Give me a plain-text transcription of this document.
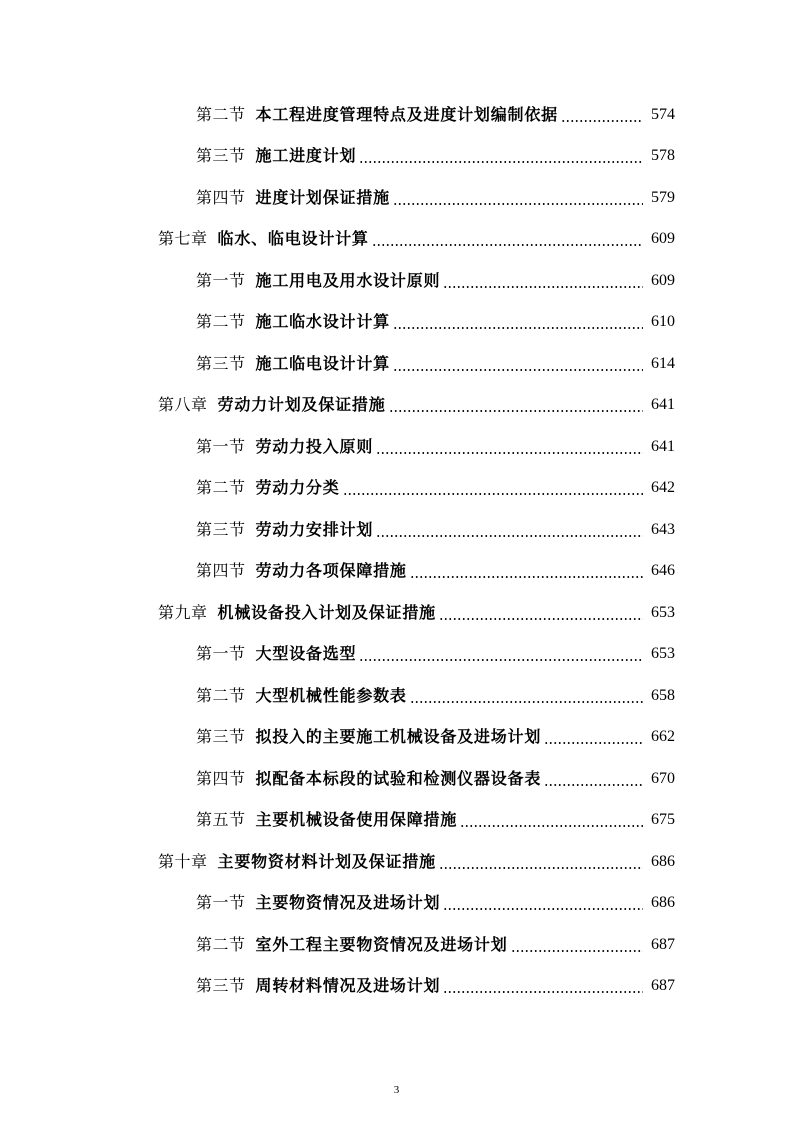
第二节 本工程进度管理特点及进度计划编制依据	574
第三节 施工进度计划	578
第四节 进度计划保证措施	579
第七章 临水、临电设计计算	609
第一节 施工用电及用水设计原则	609
第二节 施工临水设计计算	610
第三节 施工临电设计计算	614
第八章 劳动力计划及保证措施	641
第一节 劳动力投入原则	641
第二节 劳动力分类	642
第三节 劳动力安排计划	643
第四节 劳动力各项保障措施	646
第九章 机械设备投入计划及保证措施	653
第一节 大型设备选型	653
第二节 大型机械性能参数表	658
第三节 拟投入的主要施工机械设备及进场计划	662
第四节 拟配备本标段的试验和检测仪器设备表	670
第五节 主要机械设备使用保障措施	675
第十章 主要物资材料计划及保证措施	686
第一节 主要物资情况及进场计划	686
第二节 室外工程主要物资情况及进场计划	687
第三节 周转材料情况及进场计划	687
3
